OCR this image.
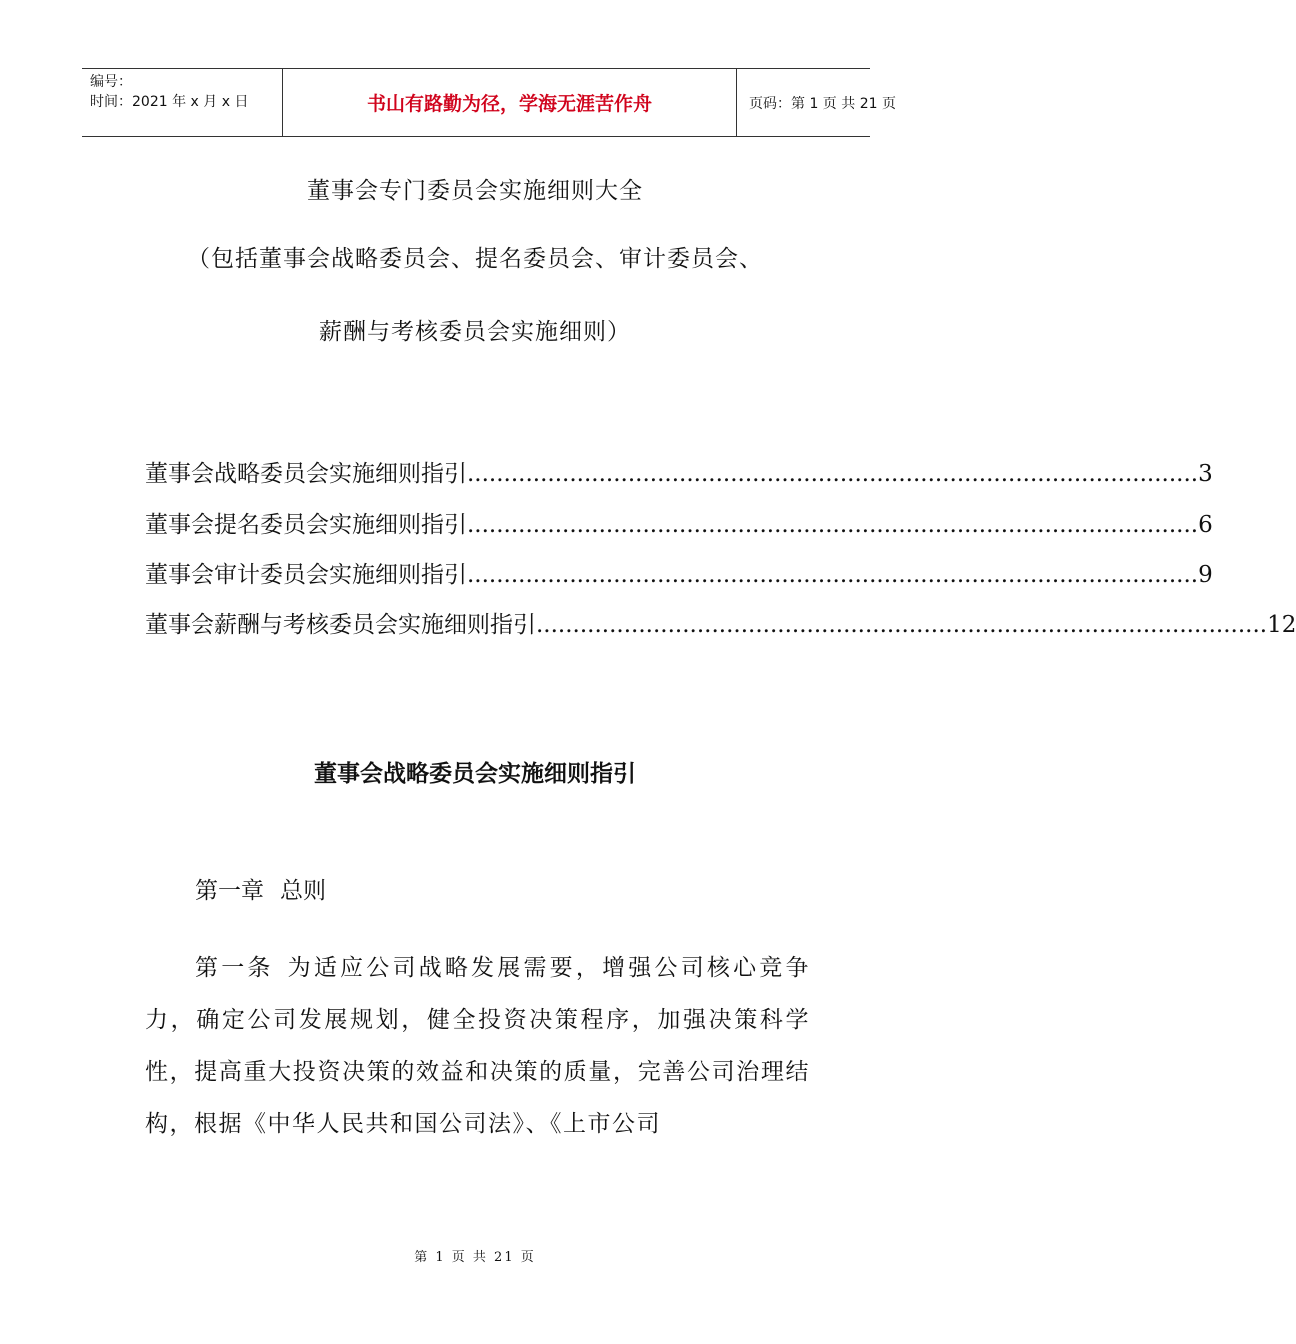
编号：
时间：2021 年 x 月 x 日	书山有路勤为径，学海无涯苦作舟	页码：第 1 页 共 21 页
董事会专门委员会实施细则大全
（包括董事会战略委员会、提名委员会、审计委员会、
薪酬与考核委员会实施细则）
董事会战略委员会实施细则指引 .................................................................................................... 3
董事会提名委员会实施细则指引 .................................................................................................... 6
董事会审计委员会实施细则指引 .................................................................................................... 9
董事会薪酬与考核委员会实施细则指引 .................................................................................................... 12
董事会战略委员会实施细则指引
第一章 总则
第一条 为适应公司战略发展需要，增强公司核心竞争力，确定公司发展规划，健全投资决策程序，加强决策科学性，提高重大投资决策的效益和决策的质量，完善公司治理结构，根据《中华人民共和国公司法》、《上市公司
第 1 页 共 21 页
